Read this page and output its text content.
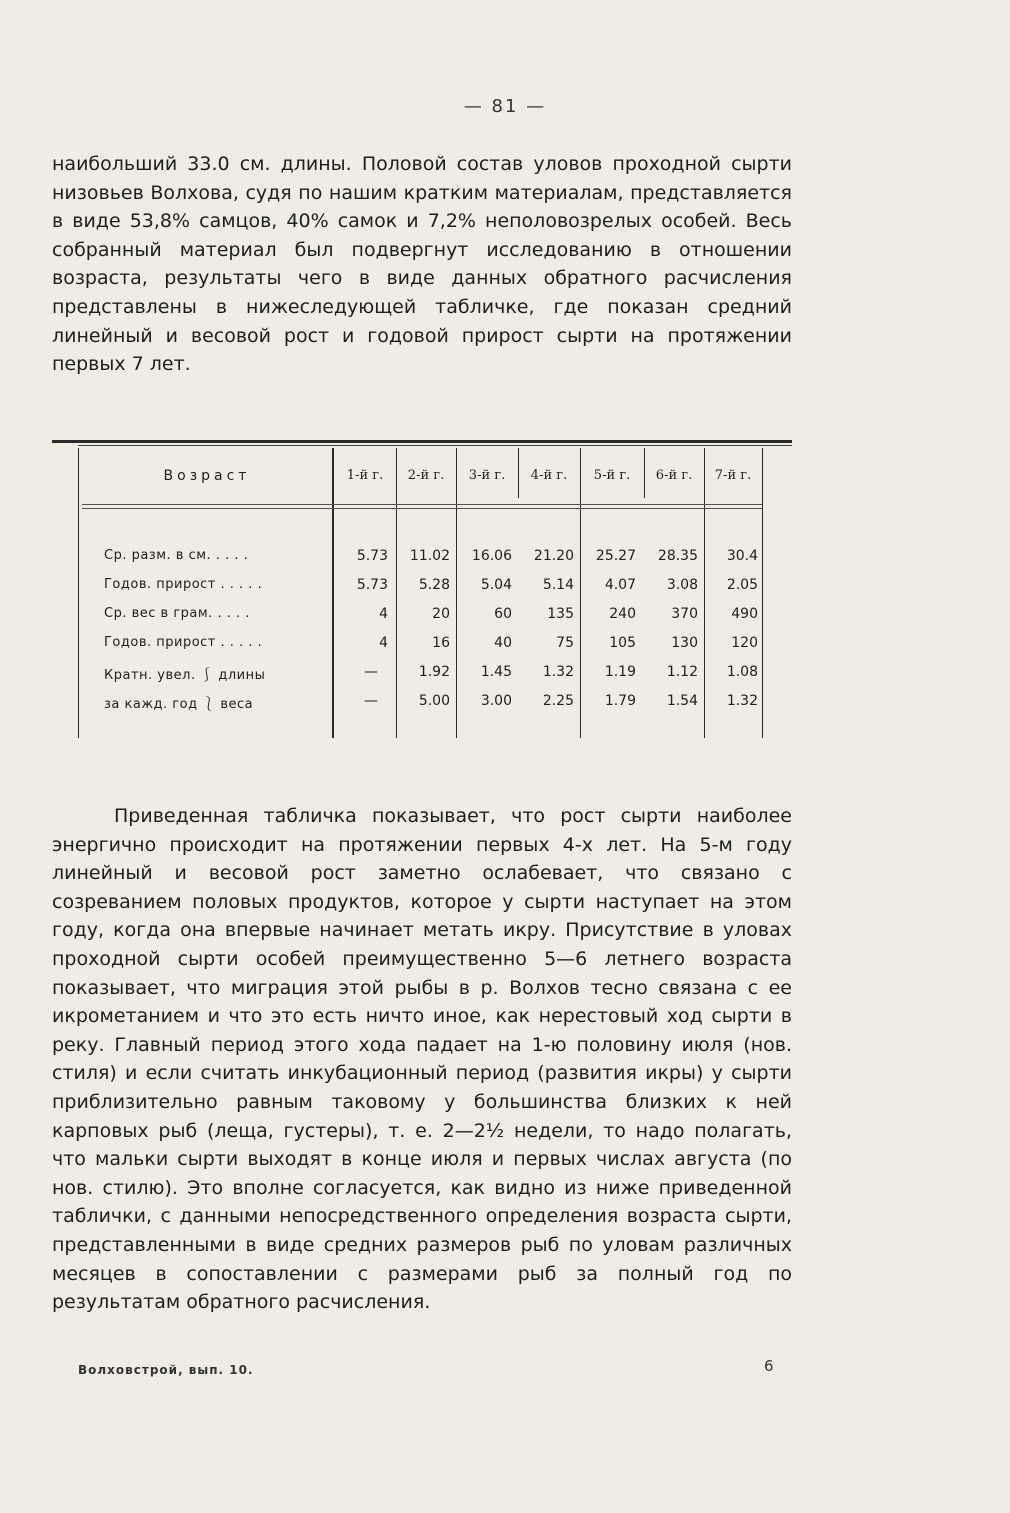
— 81 —

наибольший 33.0 см. длины. Половой состав уловов проходной сырти низовьев Волхова, судя по нашим кратким материалам, представляется в виде 53,8% самцов, 40% самок и 7,2% неполовозрелых особей. Весь собранный материал был подвергнут исследованию в отношении возраста, результаты чего в виде данных обратного расчисления представлены в нижеследующей табличке, где показан средний линейный и весовой рост и годовой прирост сырти на протяжении первых 7 лет.

Возраст	1-й г.	2-й г.	3-й г.	4-й г.	5-й г.	6-й г.	7-й г.
Ср. разм. в см. . . . .	5.73	11.02	16.06	21.20	25.27	28.35	30.4
Годов. прирост . . . . .	5.73	5.28	5.04	5.14	4.07	3.08	2.05
Ср. вес в грам. . . . .	4	20	60	135	240	370	490
Годов. прирост . . . . .	4	16	40	75	105	130	120
Кратн. увел. ⎰ длины	—	1.92	1.45	1.32	1.19	1.12	1.08
за кажд. год ⎱ веса	—	5.00	3.00	2.25	1.79	1.54	1.32

Приведенная табличка показывает, что рост сырти наиболее энергично происходит на протяжении первых 4-х лет. На 5-м году линейный и весовой рост заметно ослабевает, что связано с созреванием половых продуктов, которое у сырти наступает на этом году, когда она впервые начинает метать икру. Присутствие в уловах проходной сырти особей преимущественно 5—6 летнего возраста показывает, что миграция этой рыбы в р. Волхов тесно связана с ее икрометанием и что это есть ничто иное, как нерестовый ход сырти в реку. Главный период этого хода падает на 1-ю половину июля (нов. стиля) и если считать инкубационный период (развития икры) у сырти приблизительно равным таковому у большинства близких к ней карповых рыб (леща, густеры), т. е. 2—2½ недели, то надо полагать, что мальки сырти выходят в конце июля и первых числах августа (по нов. стилю). Это вполне согласуется, как видно из ниже приведенной таблички, с данными непосредственного определения возраста сырти, представленными в виде средних размеров рыб по уловам различных месяцев в сопоставлении с размерами рыб за полный год по результатам обратного расчисления.

Волховстрой, вып. 10.	6
